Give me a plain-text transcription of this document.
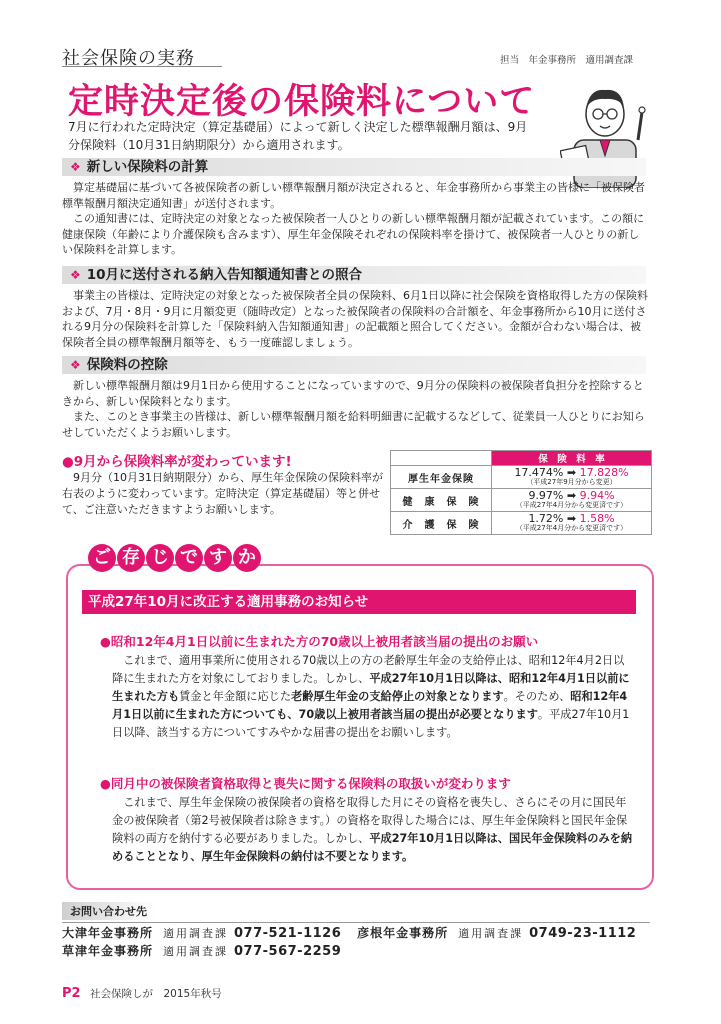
社会保険の実務	担当　年金事務所　適用調査課
定時決定後の保険料について
7月に行われた定時決定（算定基礎届）によって新しく決定した標準報酬月額は、9月分保険料（10月31日納期限分）から適用されます。
❖ 新しい保険料の計算

算定基礎届に基づいて各被保険者の新しい標準報酬月額が決定されると、年金事務所から事業主の皆様に「被保険者標準報酬月額決定通知書」が送付されます。

この通知書には、定時決定の対象となった被保険者一人ひとりの新しい標準報酬月額が記載されています。この額に健康保険（年齢により介護保険も含みます）、厚生年金保険それぞれの保険料率を掛けて、被保険者一人ひとりの新しい保険料を計算します。

❖ 10月に送付される納入告知額通知書との照合

事業主の皆様は、定時決定の対象となった被保険者全員の保険料、6月1日以降に社会保険を資格取得した方の保険料および、7月・8月・9月に月額変更（随時改定）となった被保険者の保険料の合計額を、年金事務所から10月に送付される9月分の保険料を計算した「保険料納入告知額通知書」の記載額と照合してください。金額が合わない場合は、被保険者全員の標準報酬月額等を、もう一度確認しましょう。

❖ 保険料の控除

新しい標準報酬月額は9月1日から使用することになっていますので、9月分の保険料の被保険者負担分を控除するときから、新しい保険料となります。

また、このとき事業主の皆様は、新しい標準報酬月額を給料明細書に記載するなどして、従業員一人ひとりにお知らせしていただくようお願いします。

●9月から保険料率が変わっています!
9月分（10月31日納期限分）から、厚生年金保険の保険料率が右表のように変わっています。定時決定（算定基礎届）等と併せて、ご注意いただきますようお願いします。
	保　険　料　率
厚生年金保険	17.474% ➡ 17.828%
（平成27年9月分から変更）

健　康　保　険	9.97% ➡ 9.94%
（平成27年4月分から変更済です）

介　護　保　険	1.72% ➡ 1.58%
（平成27年4月分から変更済です）
ご 存 じ で す か
平成27年10月に改正する適用事務のお知らせ
●昭和12年4月1日以前に生まれた方の70歳以上被用者該当届の提出のお願い
これまで、適用事業所に使用される70歳以上の方の老齢厚生年金の支給停止は、昭和12年4月2日以降に生まれた方を対象にしておりました。しかし、平成27年10月1日以降は、昭和12年4月1日以前に生まれた方も賃金と年金額に応じた老齢厚生年金の支給停止の対象となります。そのため、昭和12年4月1日以前に生まれた方についても、70歳以上被用者該当届の提出が必要となります。平成27年10月1日以降、該当する方についてすみやかな届書の提出をお願いします。
●同月中の被保険者資格取得と喪失に関する保険料の取扱いが変わります
これまで、厚生年金保険の被保険者の資格を取得した月にその資格を喪失し、さらにその月に国民年金の被保険者（第2号被保険者は除きます。）の資格を取得した場合には、厚生年金保険料と国民年金保険料の両方を納付する必要がありました。しかし、平成27年10月1日以降は、国民年金保険料のみを納めることとなり、厚生年金保険料の納付は不要となります。
お問い合わせ先
大津年金事務所 適用調査課 077-521-1126 彦根年金事務所 適用調査課 0749-23-1112
草津年金事務所 適用調査課 077-567-2259
P2 社会保険しが　2015年秋号
